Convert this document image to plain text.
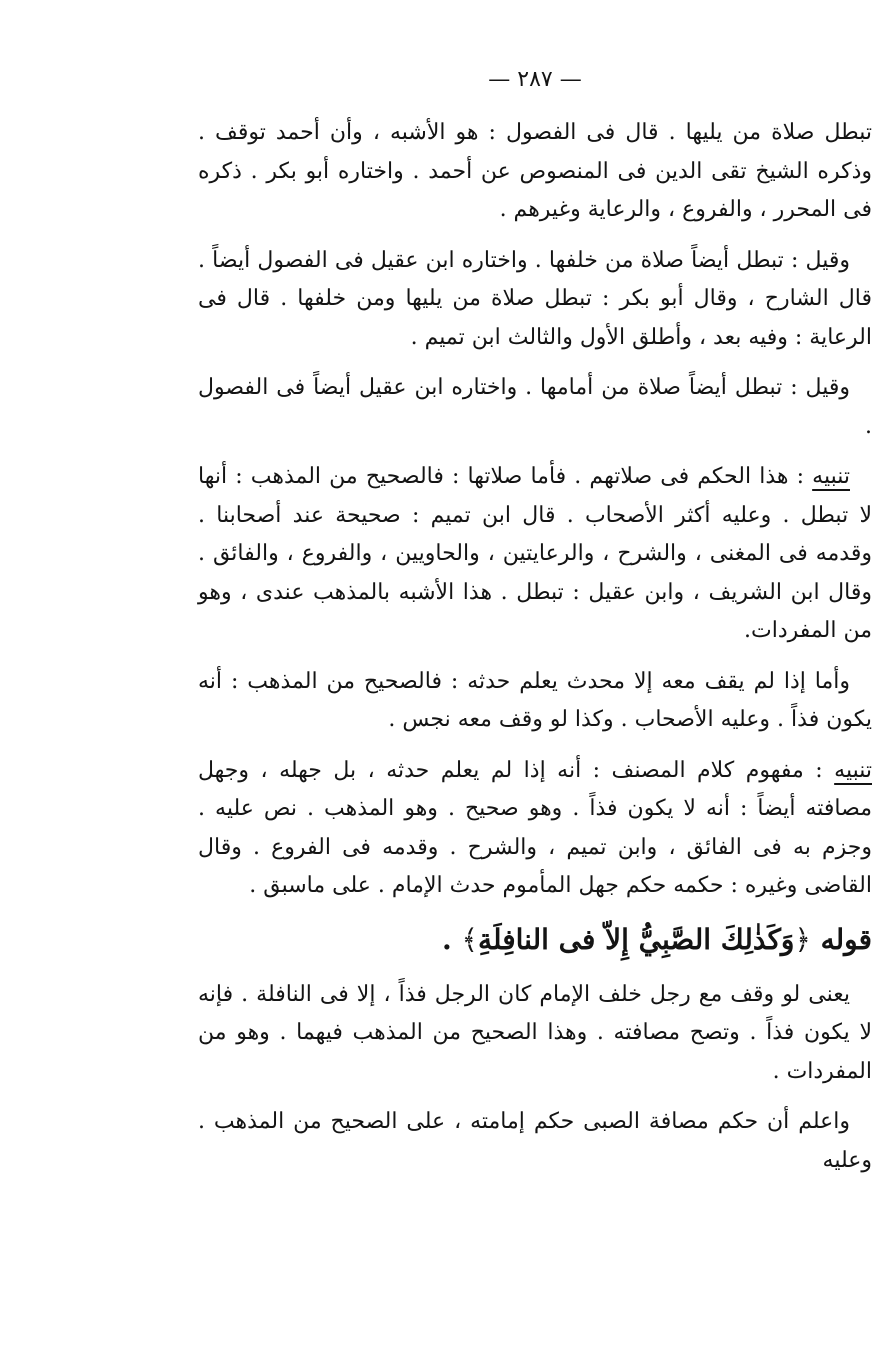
— ٢٨٧ —

تبطل صلاة من يليها . قال فى الفصول : هو الأشبه ، وأن أحمد توقف . وذكره الشيخ تقى الدين فى المنصوص عن أحمد . واختاره أبو بكر . ذكره فى المحرر ، والفروع ، والرعاية وغيرهم .

وقيل : تبطل أيضاً صلاة من خلفها . واختاره ابن عقيل فى الفصول أيضاً . قال الشارح ، وقال أبو بكر : تبطل صلاة من يليها ومن خلفها . قال فى الرعاية : وفيه بعد ، وأطلق الأول والثالث ابن تميم .

وقيل : تبطل أيضاً صلاة من أمامها . واختاره ابن عقيل أيضاً فى الفصول .

تنبيه : هذا الحكم فى صلاتهم . فأما صلاتها : فالصحيح من المذهب : أنها لا تبطل . وعليه أكثر الأصحاب . قال ابن تميم : صحيحة عند أصحابنا . وقدمه فى المغنى ، والشرح ، والرعايتين ، والحاويين ، والفروع ، والفائق . وقال ابن الشريف ، وابن عقيل : تبطل . هذا الأشبه بالمذهب عندى ، وهو من المفردات.

وأما إذا لم يقف معه إلا محدث يعلم حدثه : فالصحيح من المذهب : أنه يكون فذاً . وعليه الأصحاب . وكذا لو وقف معه نجس .

تنبيه : مفهوم كلام المصنف : أنه إذا لم يعلم حدثه ، بل جهله ، وجهل مصافته أيضاً : أنه لا يكون فذاً . وهو صحيح . وهو المذهب . نص عليه . وجزم به فى الفائق ، وابن تميم ، والشرح . وقدمه فى الفروع . وقال القاضى وغيره : حكمه حكم جهل المأموم حدث الإمام . على ماسبق .

قوله ﴿وَكَذٰلِكَ الصَّبِيُّ إِلاّ فى النافِلَةِ﴾ .

يعنى لو وقف مع رجل خلف الإمام كان الرجل فذاً ، إلا فى النافلة . فإنه لا يكون فذاً . وتصح مصافته . وهذا الصحيح من المذهب فيهما . وهو من المفردات .

واعلم أن حكم مصافة الصبى حكم إمامته ، على الصحيح من المذهب . وعليه
